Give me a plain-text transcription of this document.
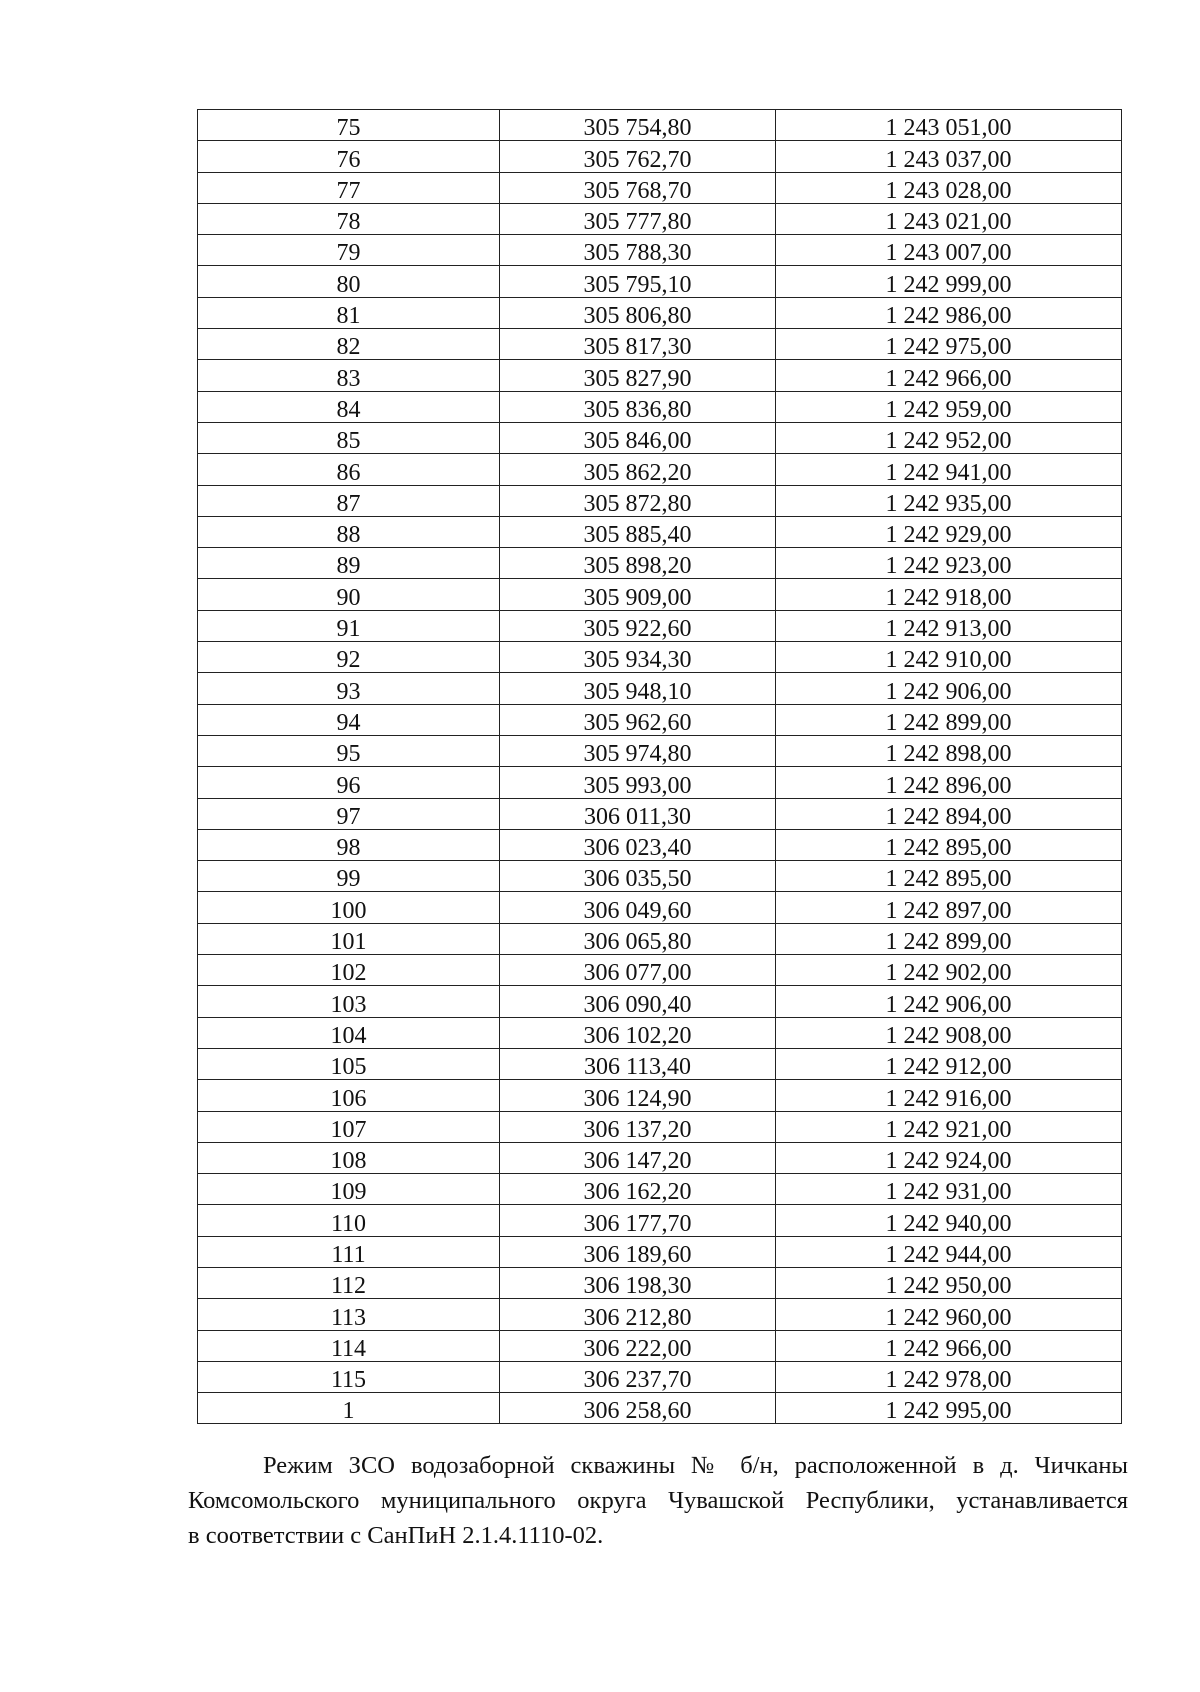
75	305 754,80	1 243 051,00
76	305 762,70	1 243 037,00
77	305 768,70	1 243 028,00
78	305 777,80	1 243 021,00
79	305 788,30	1 243 007,00
80	305 795,10	1 242 999,00
81	305 806,80	1 242 986,00
82	305 817,30	1 242 975,00
83	305 827,90	1 242 966,00
84	305 836,80	1 242 959,00
85	305 846,00	1 242 952,00
86	305 862,20	1 242 941,00
87	305 872,80	1 242 935,00
88	305 885,40	1 242 929,00
89	305 898,20	1 242 923,00
90	305 909,00	1 242 918,00
91	305 922,60	1 242 913,00
92	305 934,30	1 242 910,00
93	305 948,10	1 242 906,00
94	305 962,60	1 242 899,00
95	305 974,80	1 242 898,00
96	305 993,00	1 242 896,00
97	306 011,30	1 242 894,00
98	306 023,40	1 242 895,00
99	306 035,50	1 242 895,00
100	306 049,60	1 242 897,00
101	306 065,80	1 242 899,00
102	306 077,00	1 242 902,00
103	306 090,40	1 242 906,00
104	306 102,20	1 242 908,00
105	306 113,40	1 242 912,00
106	306 124,90	1 242 916,00
107	306 137,20	1 242 921,00
108	306 147,20	1 242 924,00
109	306 162,20	1 242 931,00
110	306 177,70	1 242 940,00
111	306 189,60	1 242 944,00
112	306 198,30	1 242 950,00
113	306 212,80	1 242 960,00
114	306 222,00	1 242 966,00
115	306 237,70	1 242 978,00
1	306 258,60	1 242 995,00
Режим ЗСО водозаборной скважины № б/н, расположенной в д. Чичканы
Комсомольского муниципального округа Чувашской Республики, устанавливается
в соответствии с СанПиН 2.1.4.1110-02.
